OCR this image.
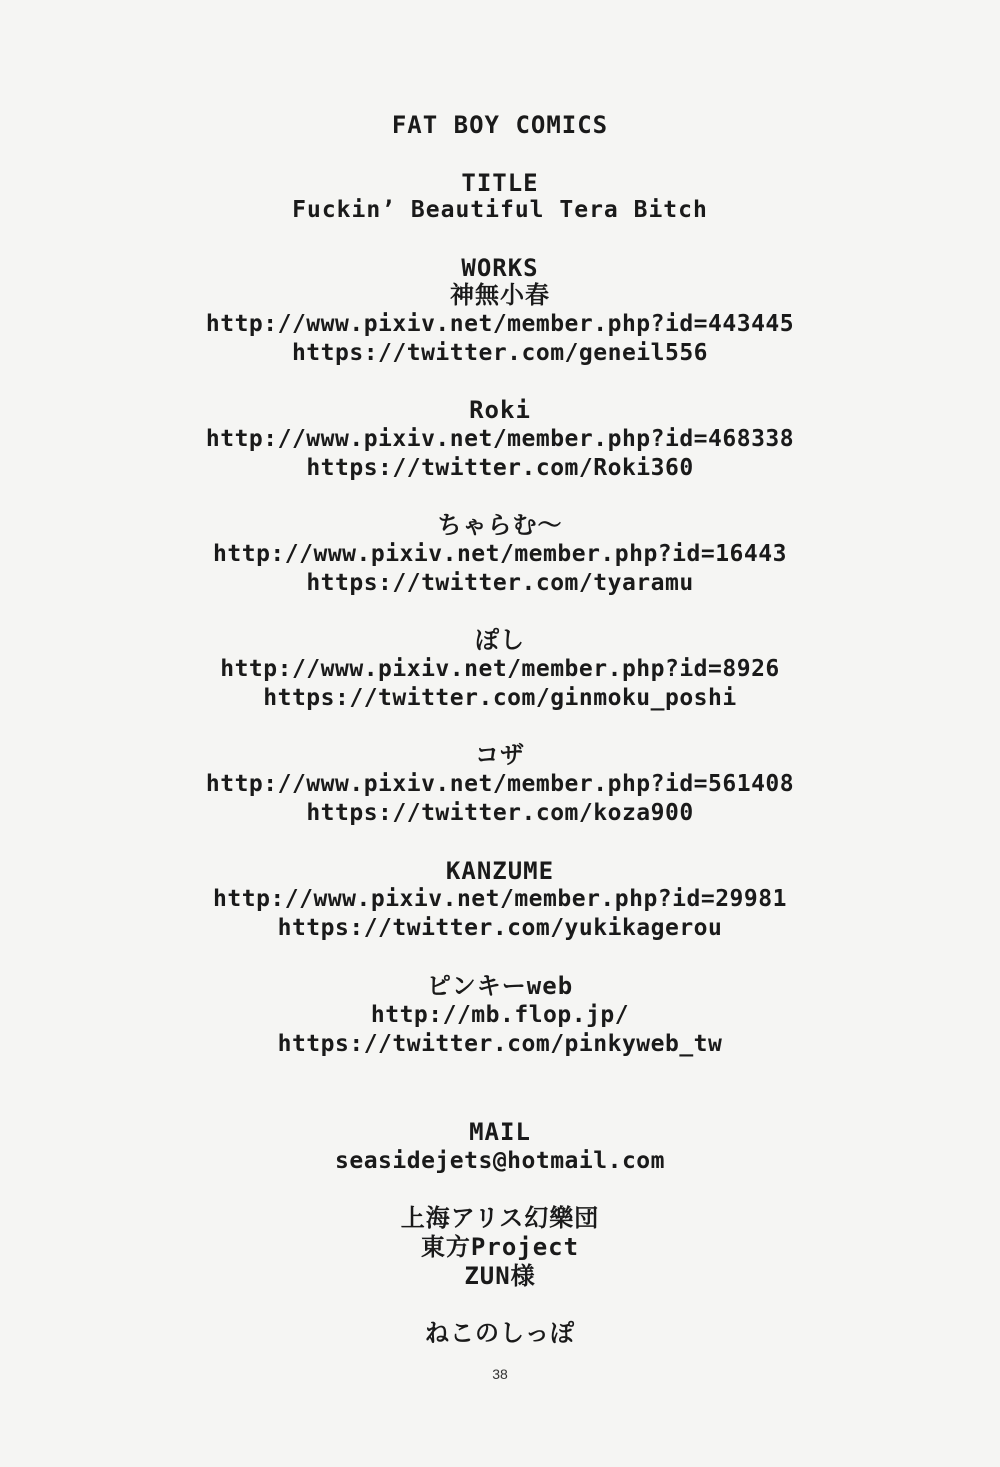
FAT BOY COMICS
TITLE
Fuckin’ Beautiful Tera Bitch
WORKS
神無小春
http://www.pixiv.net/member.php?id=443445
https://twitter.com/geneil556
Roki
http://www.pixiv.net/member.php?id=468338
https://twitter.com/Roki360
ちゃらむ〜
http://www.pixiv.net/member.php?id=16443
https://twitter.com/tyaramu
ぽし
http://www.pixiv.net/member.php?id=8926
https://twitter.com/ginmoku_poshi
コザ
http://www.pixiv.net/member.php?id=561408
https://twitter.com/koza900
KANZUME
http://www.pixiv.net/member.php?id=29981
https://twitter.com/yukikagerou
ピンキーweb
http://mb.flop.jp/
https://twitter.com/pinkyweb_tw
MAIL
seasidejets@hotmail.com
上海アリス幻樂団
東方Project
ZUN様
ねこのしっぽ
38
